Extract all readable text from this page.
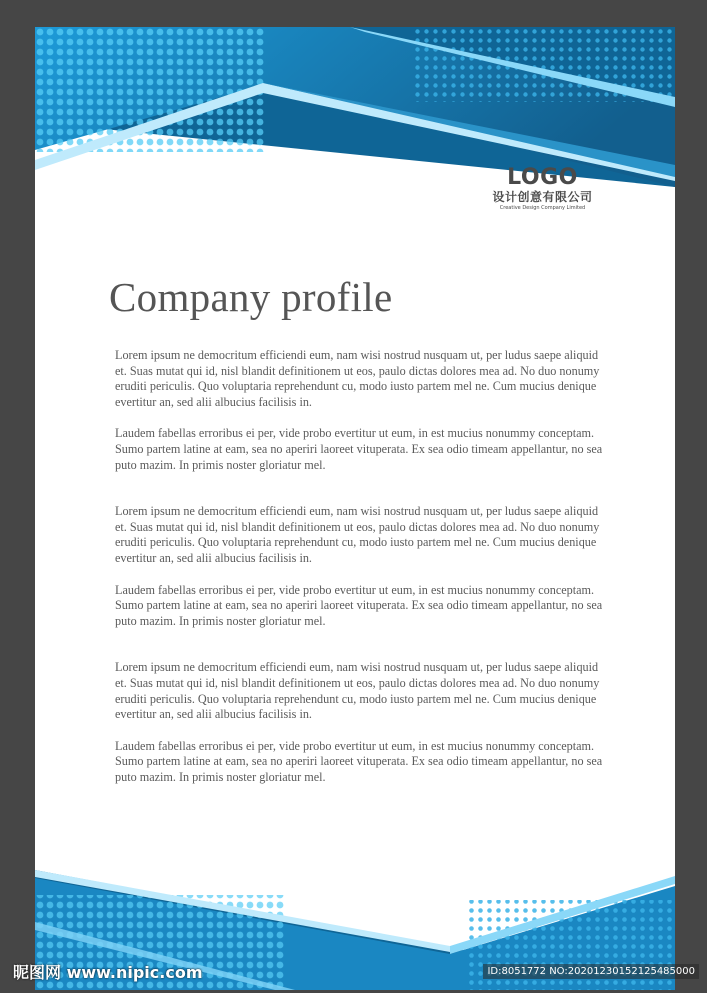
LOGO
设计创意有限公司
Creative Design Company Limited
Company profile

Lorem ipsum ne democritum efficiendi eum, nam wisi nostrud nusquam ut, per ludus saepe aliquid et. Suas mutat qui id, nisl blandit definitionem ut eos, paulo dictas dolores mea ad. No duo nonumy eruditi periculis. Quo voluptaria reprehendunt cu, modo iusto partem mel ne. Cum mucius denique evertitur an, sed alii albucius facilisis in.

Laudem fabellas erroribus ei per, vide probo evertitur ut eum, in est mucius nonummy conceptam. Sumo partem latine at eam, sea no aperiri laoreet vituperata. Ex sea odio timeam appellantur, no sea puto mazim. In primis noster gloriatur mel.

Lorem ipsum ne democritum efficiendi eum, nam wisi nostrud nusquam ut, per ludus saepe aliquid et. Suas mutat qui id, nisl blandit definitionem ut eos, paulo dictas dolores mea ad. No duo nonumy eruditi periculis. Quo voluptaria reprehendunt cu, modo iusto partem mel ne. Cum mucius denique evertitur an, sed alii albucius facilisis in.

Laudem fabellas erroribus ei per, vide probo evertitur ut eum, in est mucius nonummy conceptam. Sumo partem latine at eam, sea no aperiri laoreet vituperata. Ex sea odio timeam appellantur, no sea puto mazim. In primis noster gloriatur mel.

Lorem ipsum ne democritum efficiendi eum, nam wisi nostrud nusquam ut, per ludus saepe aliquid et. Suas mutat qui id, nisl blandit definitionem ut eos, paulo dictas dolores mea ad. No duo nonumy eruditi periculis. Quo voluptaria reprehendunt cu, modo iusto partem mel ne. Cum mucius denique evertitur an, sed alii albucius facilisis in.

Laudem fabellas erroribus ei per, vide probo evertitur ut eum, in est mucius nonummy conceptam. Sumo partem latine at eam, sea no aperiri laoreet vituperata. Ex sea odio timeam appellantur, no sea puto mazim. In primis noster gloriatur mel.

昵图网 www.nipic.com	ID:8051772 NO:20201230152125485000
